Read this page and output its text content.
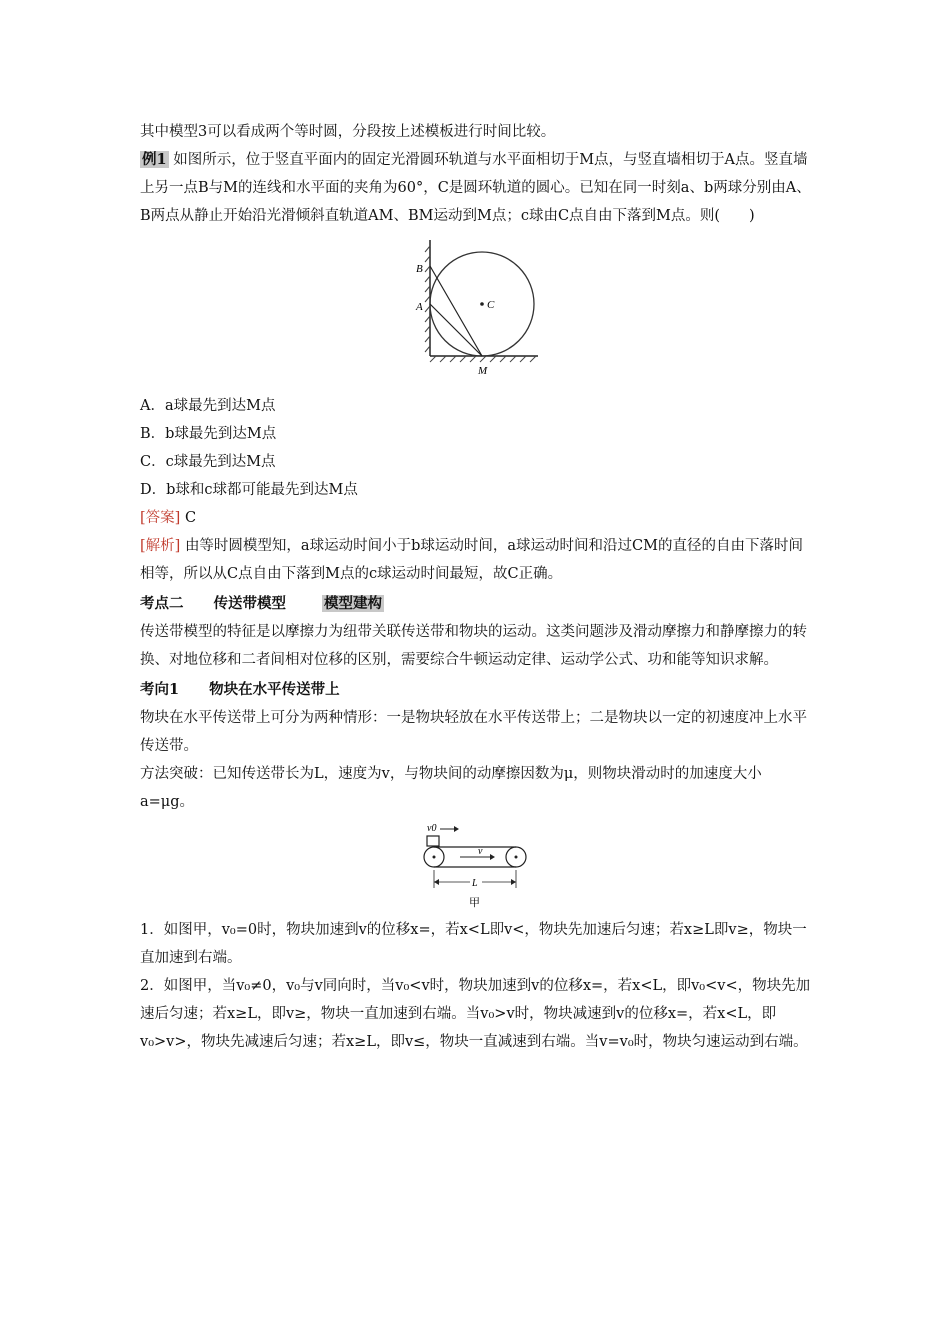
其中模型3可以看成两个等时圆，分段按上述模板进行时间比较。

例1 如图所示，位于竖直平面内的固定光滑圆环轨道与水平面相切于M点，与竖直墙相切于A点。竖直墙上另一点B与M的连线和水平面的夹角为60°，C是圆环轨道的圆心。已知在同一时刻a、b两球分别由A、B两点从静止开始沿光滑倾斜直轨道AM、BM运动到M点；c球由C点自由下落到M点。则(　　)

B
A	C
M

A．a球最先到达M点

B．b球最先到达M点

C．c球最先到达M点

D．b球和c球都可能最先到达M点

[答案] C

[解析] 由等时圆模型知，a球运动时间小于b球运动时间，a球运动时间和沿过CM的直径的自由下落时间相等，所以从C点自由下落到M点的c球运动时间最短，故C正确。

考点二 传送带模型	模型建构

传送带模型的特征是以摩擦力为纽带关联传送带和物块的运动。这类问题涉及滑动摩擦力和静摩擦力的转换、对地位移和二者间相对位移的区别，需要综合牛顿运动定律、运动学公式、功和能等知识求解。

考向1 物块在水平传送带上

物块在水平传送带上可分为两种情形：一是物块轻放在水平传送带上；二是物块以一定的初速度冲上水平传送带。

方法突破：已知传送带长为L，速度为v，与物块间的动摩擦因数为μ，则物块滑动时的加速度大小a=μg。

v0
v
L
甲

1．如图甲，v₀=0时，物块加速到v的位移x=，若x<L即v<，物块先加速后匀速；若x≥L即v≥，物块一直加速到右端。

2．如图甲，当v₀≠0，v₀与v同向时，当v₀<v时，物块加速到v的位移x=，若x<L，即v₀<v<，物块先加速后匀速；若x≥L，即v≥，物块一直加速到右端。当v₀>v时，物块减速到v的位移x=，若x<L，即v₀>v>，物块先减速后匀速；若x≥L，即v≤，物块一直减速到右端。当v=v₀时，物块匀速运动到右端。
